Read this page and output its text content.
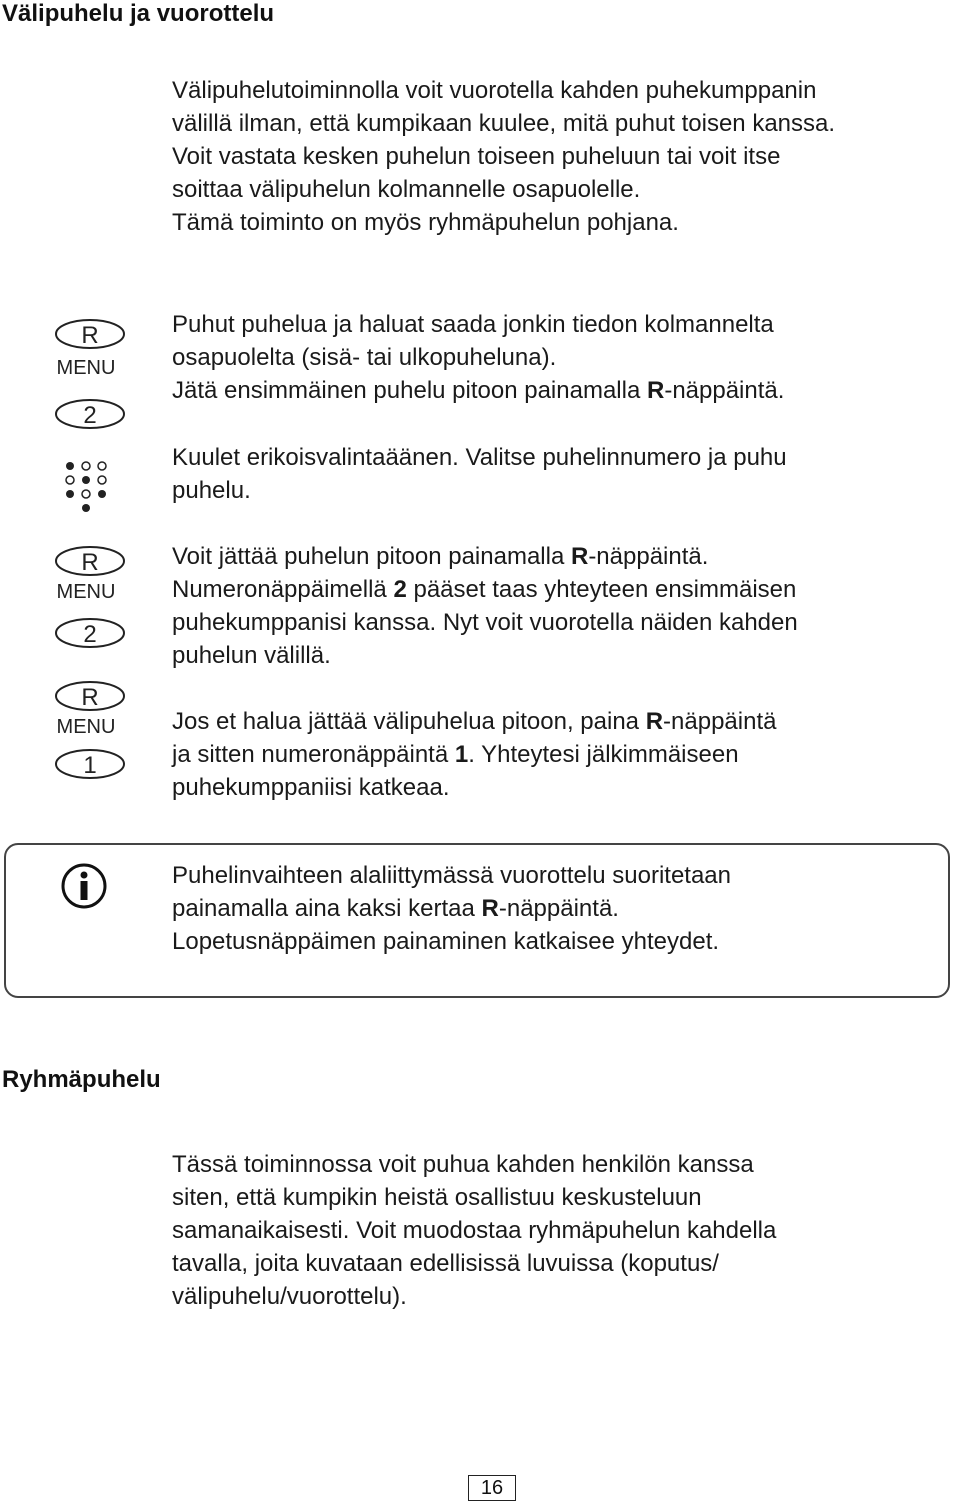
Välipuhelu ja vuorottelu
Välipuhelutoiminnolla voit vuorotella kahden puhekumppanin
välillä ilman, että kumpikaan kuulee, mitä puhut toisen kanssa.
Voit vastata kesken puhelun toiseen puheluun tai voit itse
soittaa välipuhelun kolmannelle osapuolelle.
Tämä toiminto on myös ryhmäpuhelun pohjana.
R
MENU
2
Puhut puhelua ja haluat saada jonkin tiedon kolmannelta
osapuolelta (sisä- tai ulkopuheluna).
Jätä ensimmäinen puhelu pitoon painamalla R-näppäintä.
Kuulet erikoisvalintaäänen. Valitse puhelinnumero ja puhu
puhelu.
R
MENU
2
Voit jättää puhelun pitoon painamalla R-näppäintä.
Numeronäppäimellä 2 pääset taas yhteyteen ensimmäisen
puhekumppanisi kanssa. Nyt voit vuorotella näiden kahden
puhelun välillä.
R
MENU
1
Jos et halua jättää välipuhelua pitoon, paina R-näppäintä
ja sitten numeronäppäintä 1. Yhteytesi jälkimmäiseen
puhekumppaniisi katkeaa.
Puhelinvaihteen alaliittymässä vuorottelu suoritetaan
painamalla aina kaksi kertaa R-näppäintä.
Lopetusnäppäimen painaminen katkaisee yhteydet.
Ryhmäpuhelu
Tässä toiminnossa voit puhua kahden henkilön kanssa
siten, että kumpikin heistä osallistuu keskusteluun
samanaikaisesti. Voit muodostaa ryhmäpuhelun kahdella
tavalla, joita kuvataan edellisissä luvuissa (koputus/
välipuhelu/vuorottelu).
16
